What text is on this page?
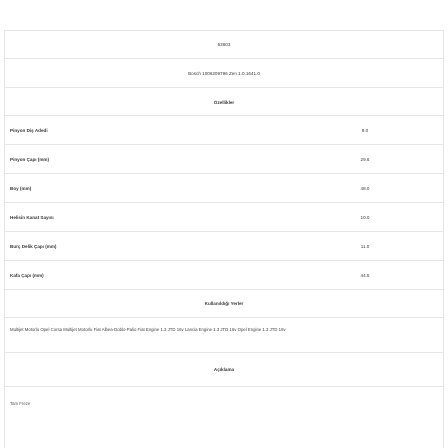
53603
Bosch 1006209796 Zen 1.0.1641.0
Özellikler
Pinyon Diş Adedi	9.0
Pinyon Çapı (mm)	29.6
Boy (mm)	48.0
Helisin Kanat Sayısı	10.0
Burç Delik Çapı (mm)	11.0
Kafa Çapı (mm)	44.5
Kullanıldığı Yerler
Multijet Motorlu Opel Corsa Multijet Motorlu Fiat Albea-Doblo-Palio Fiat Engine 1.3 JTD 16v Lancia Engine 1.3 JTD 16v Opel Engine 1.3 JTD 16v
Açıklama
Tam Freze
